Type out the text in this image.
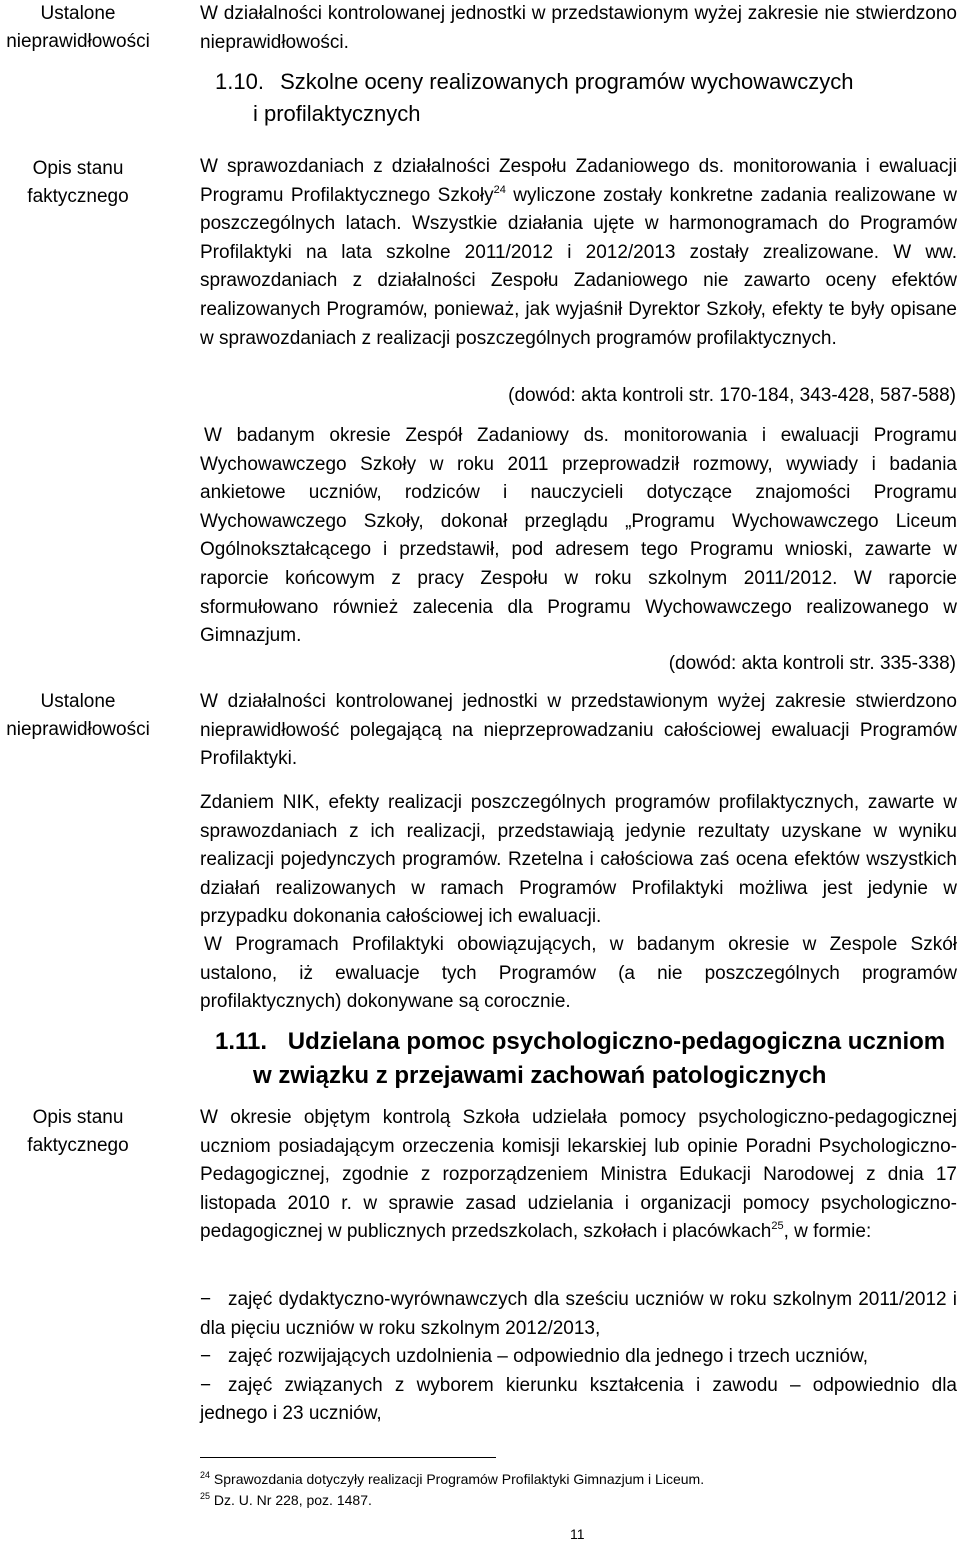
Ustalone
nieprawidłowości
Opis stanu
faktycznego
Ustalone
nieprawidłowości
Opis stanu
faktycznego
W działalności kontrolowanej jednostki w przedstawionym wyżej zakresie nie stwierdzono nieprawidłowości.
1.10. Szkolne oceny realizowanych programów wychowawczych
i profilaktycznych
W sprawozdaniach z działalności Zespołu Zadaniowego ds. monitorowania i ewaluacji Programu Profilaktycznego Szkoły$^{24}$ wyliczone zostały konkretne zadania realizowane w poszczególnych latach. Wszystkie działania ujęte w harmonogramach do Programów Profilaktyki na lata szkolne 2011/2012 i 2012/2013 zostały zrealizowane. W ww. sprawozdaniach z działalności Zespołu Zadaniowego nie zawarto oceny efektów realizowanych Programów, ponieważ, jak wyjaśnił Dyrektor Szkoły, efekty te były opisane w sprawozdaniach z realizacji poszczególnych programów profilaktycznych.
(dowód: akta kontroli str. 170-184, 343-428, 587-588)
W badanym okresie Zespół Zadaniowy ds. monitorowania i ewaluacji Programu Wychowawczego Szkoły w roku 2011 przeprowadził rozmowy, wywiady i badania ankietowe uczniów, rodziców i nauczycieli dotyczące znajomości Programu Wychowawczego Szkoły, dokonał przeglądu „Programu Wychowawczego Liceum Ogólnokształcącego i przedstawił, pod adresem tego Programu wnioski, zawarte w raporcie końcowym z pracy Zespołu w roku szkolnym 2011/2012. W raporcie sformułowano również zalecenia dla Programu Wychowawczego realizowanego w Gimnazjum.
(dowód: akta kontroli str. 335-338)
W działalności kontrolowanej jednostki w przedstawionym wyżej zakresie stwierdzono nieprawidłowość polegającą na nieprzeprowadzaniu całościowej ewaluacji Programów Profilaktyki.
Zdaniem NIK, efekty realizacji poszczególnych programów profilaktycznych, zawarte w sprawozdaniach z ich realizacji, przedstawiają jedynie rezultaty uzyskane w wyniku realizacji pojedynczych programów. Rzetelna i całościowa zaś ocena efektów wszystkich działań realizowanych w ramach Programów Profilaktyki możliwa jest jedynie w przypadku dokonania całościowej ich ewaluacji.
W Programach Profilaktyki obowiązujących, w badanym okresie w Zespole Szkół ustalono, iż ewaluacje tych Programów (a nie poszczególnych programów profilaktycznych) dokonywane są corocznie.
1.11. Udzielana pomoc psychologiczno-pedagogiczna uczniom
w związku z przejawami zachowań patologicznych
W okresie objętym kontrolą Szkoła udzielała pomocy psychologiczno-pedagogicznej uczniom posiadającym orzeczenia komisji lekarskiej lub opinie Poradni Psychologiczno-Pedagogicznej, zgodnie z rozporządzeniem Ministra Edukacji Narodowej z dnia 17 listopada 2010 r. w sprawie zasad udzielania i organizacji pomocy psychologiczno-pedagogicznej w publicznych przedszkolach, szkołach i placówkach$^{25}$, w formie:
− zajęć dydaktyczno-wyrównawczych dla sześciu uczniów w roku szkolnym 2011/2012 i dla pięciu uczniów w roku szkolnym 2012/2013,
− zajęć rozwijających uzdolnienia – odpowiednio dla jednego i trzech uczniów,
− zajęć związanych z wyborem kierunku kształcenia i zawodu – odpowiednio dla jednego i 23 uczniów,
$^{24}$ Sprawozdania dotyczyły realizacji Programów Profilaktyki Gimnazjum i Liceum.
$^{25}$ Dz. U. Nr 228, poz. 1487.
11
